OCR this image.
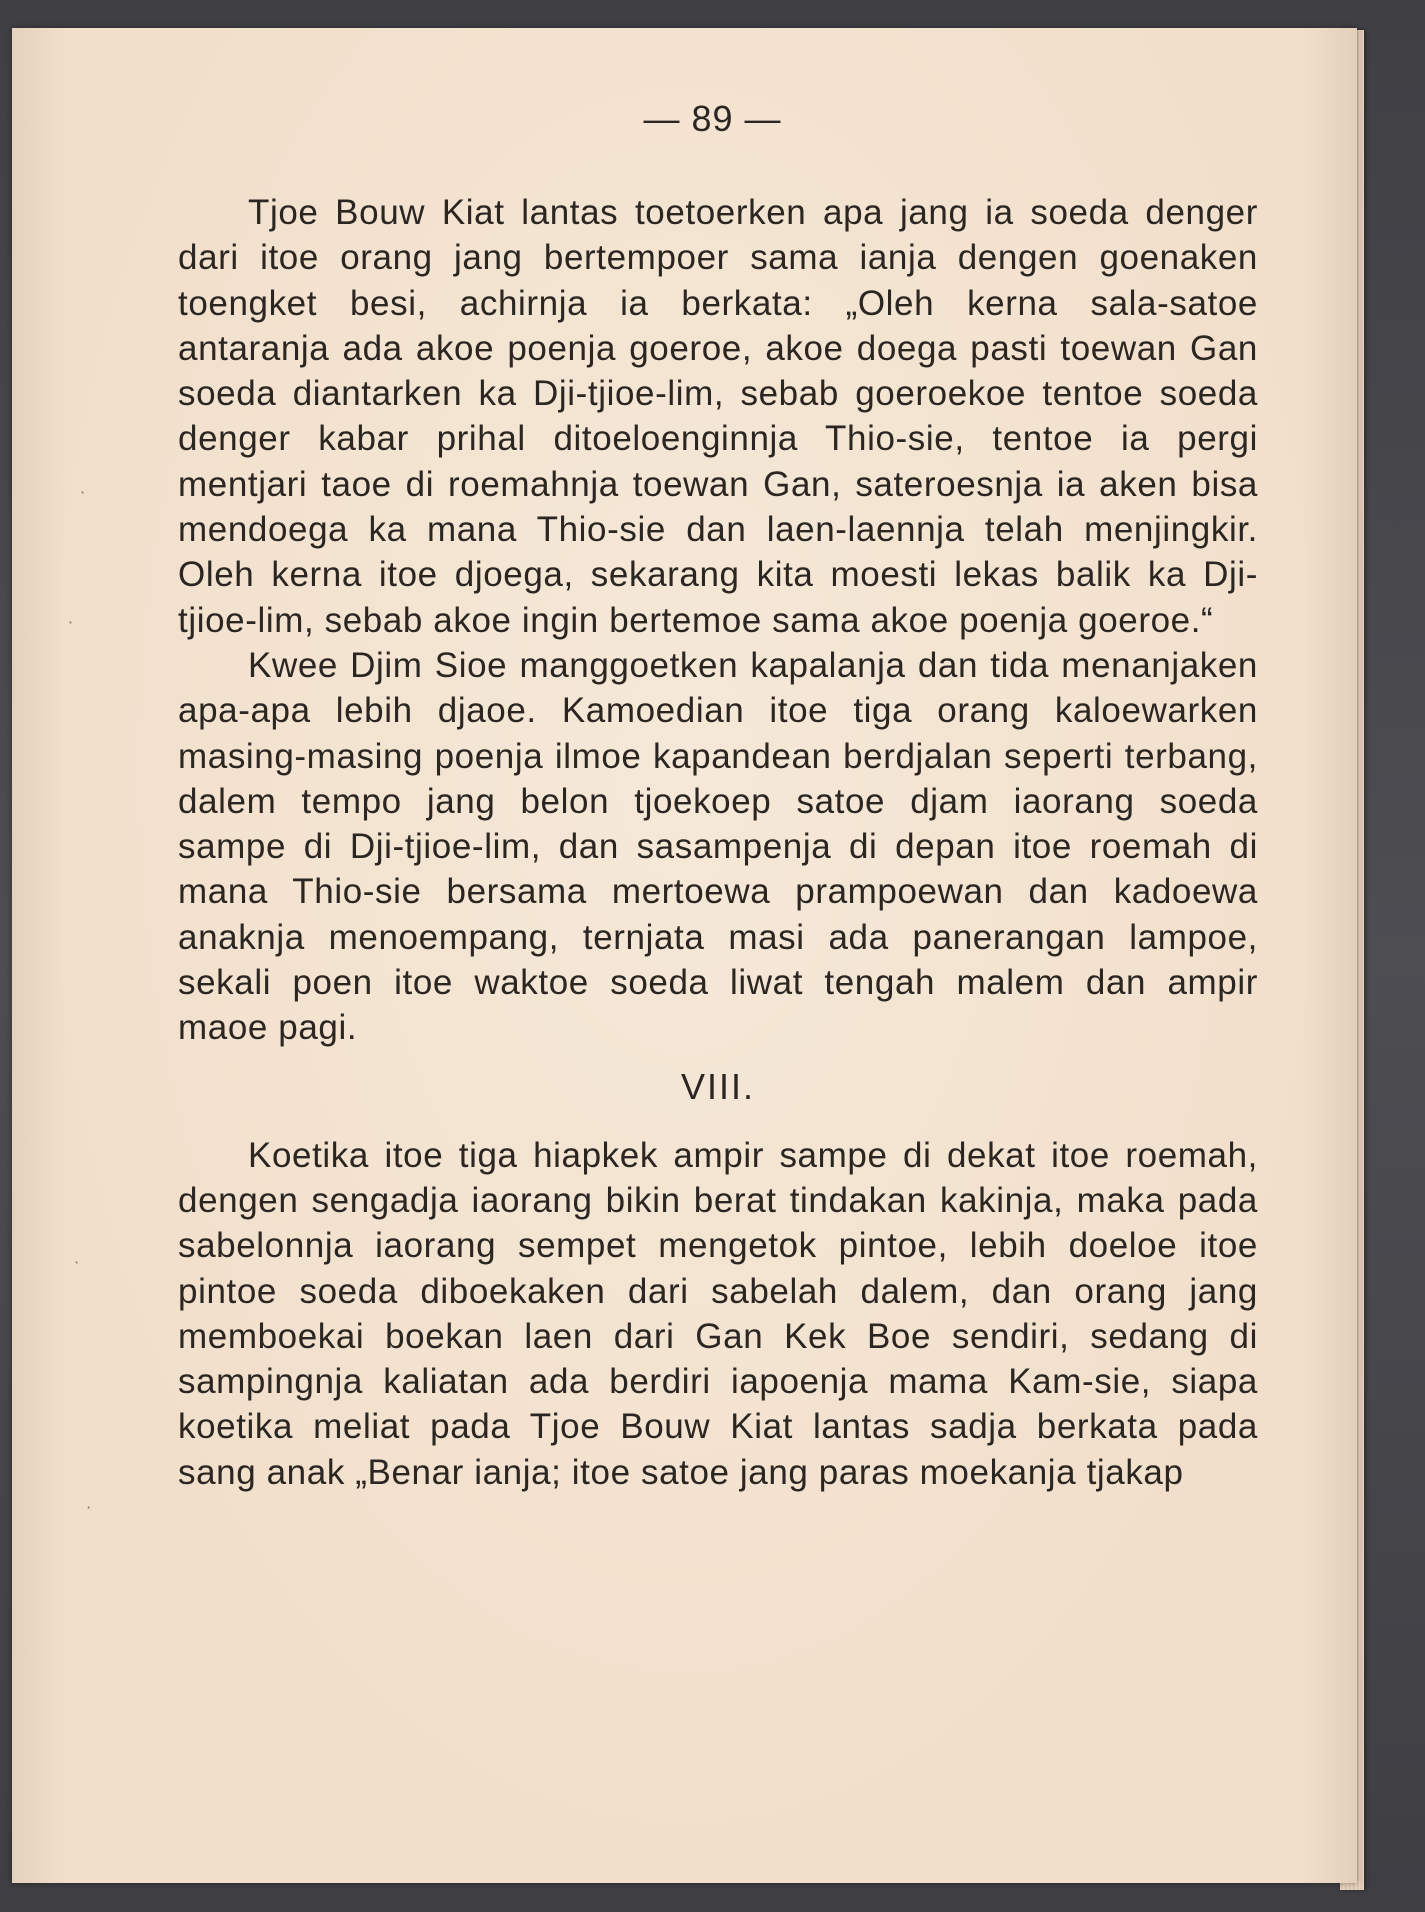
·
·
·
·
— 89 —

Tjoe Bouw Kiat lantas toetoerken apa jang ia soeda denger dari itoe orang jang bertempoer sama ianja dengen goenaken toengket besi, achirnja ia berkata: „Oleh kerna sala-satoe antaranja ada akoe poenja goeroe, akoe doega pasti toewan Gan soeda diantarken ka Dji-tjioe-lim, sebab goeroekoe tentoe soeda denger kabar prihal ditoeloenginnja Thio-sie, tentoe ia pergi mentjari taoe di roemahnja toewan Gan, sateroesnja ia aken bisa mendoega ka mana Thio-sie dan laen-laennja telah menjingkir. Oleh kerna itoe djoega, sekarang kita moesti lekas balik ka Dji-tjioe-lim, sebab akoe ingin bertemoe sama akoe poenja goeroe.“

Kwee Djim Sioe manggoetken kapalanja dan tida menanjaken apa-apa lebih djaoe. Kamoedian itoe tiga orang kaloewarken masing-masing poenja ilmoe kapandean berdjalan seperti terbang, dalem tempo jang belon tjoekoep satoe djam iaorang soeda sampe di Dji-tjioe-lim, dan sasampenja di depan itoe roemah di mana Thio-sie bersama mertoewa prampoewan dan kadoewa anaknja menoempang, ternjata masi ada panerangan lampoe, sekali poen itoe waktoe soeda liwat tengah malem dan ampir maoe pagi.

VIII.

Koetika itoe tiga hiapkek ampir sampe di dekat itoe roemah, dengen sengadja iaorang bikin berat tindakan kakinja, maka pada sabelonnja iaorang sempet mengetok pintoe, lebih doeloe itoe pintoe soeda diboekaken dari sabelah dalem, dan orang jang memboekai boekan laen dari Gan Kek Boe sendiri, sedang di sampingnja kaliatan ada berdiri iapoenja mama Kam-sie, siapa koetika meliat pada Tjoe Bouw Kiat lantas sadja berkata pada sang anak „Benar ianja; itoe satoe jang paras moekanja tjakap
